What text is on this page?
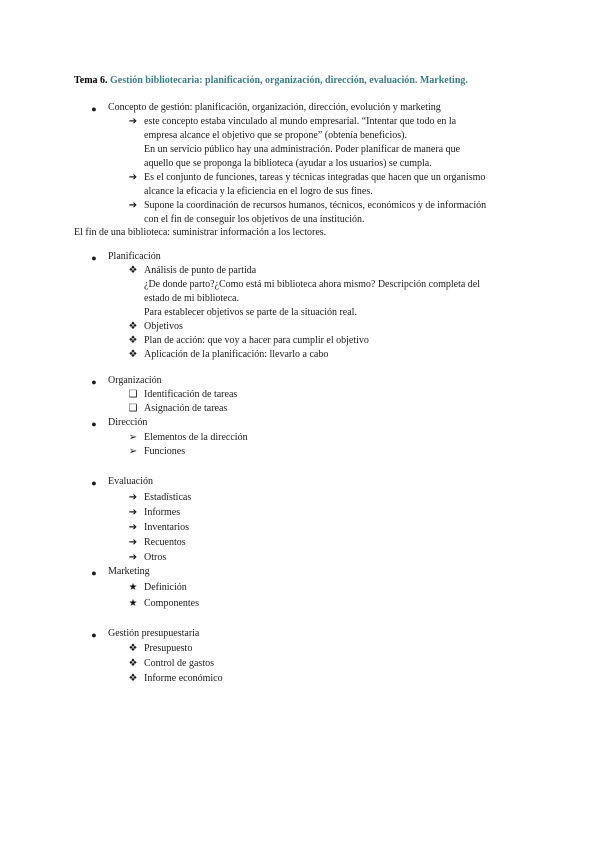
Tema 6. Gestión bibliotecaria: planificación, organización, dirección, evaluación. Marketing.
●	Concepto de gestión: planificación, organización, dirección, evolución y marketing
➔ este concepto estaba vinculado al mundo empresarial. “Intentar que todo en la
empresa alcance el objetivo que se propone” (obtenía beneficios).
En un servicio público hay una administración. Poder planificar de manera que
aquello que se proponga la biblioteca (ayudar a los usuarios) se cumpla.
➔ Es el conjunto de funciones, tareas y técnicas integradas que hacen que un organismo
alcance la eficacia y la eficiencia en el logro de sus fines.
➔ Supone la coordinación de recursos humanos, técnicos, económicos y de información
con el fin de conseguir los objetivos de una institución.
El fin de una biblioteca: suministrar información a los lectores.
●	Planificación
❖ Análisis de punto de partida
¿De donde parto?¿Como está mi biblioteca ahora mismo? Descripción completa del
estado de mi biblioteca.
Para establecer objetivos se parte de la situación real.
❖ Objetivos
❖ Plan de acción: que voy a hacer para cumplir el objetivo
❖ Aplicación de la planificación: llevarlo a cabo
●	Organización
❏ Identificación de tareas
❏ Asignación de tareas
●	Dirección
➢ Elementos de la dirección
➢ Funciones
●	Evaluación
➔ Estadísticas
➔ Informes
➔ Inventarios
➔ Recuentos
➔ Otros
●	Marketing
★ Definición
★ Componentes
●	Gestión presupuestaria
❖ Presupuesto
❖ Control de gastos
❖ Informe económico
